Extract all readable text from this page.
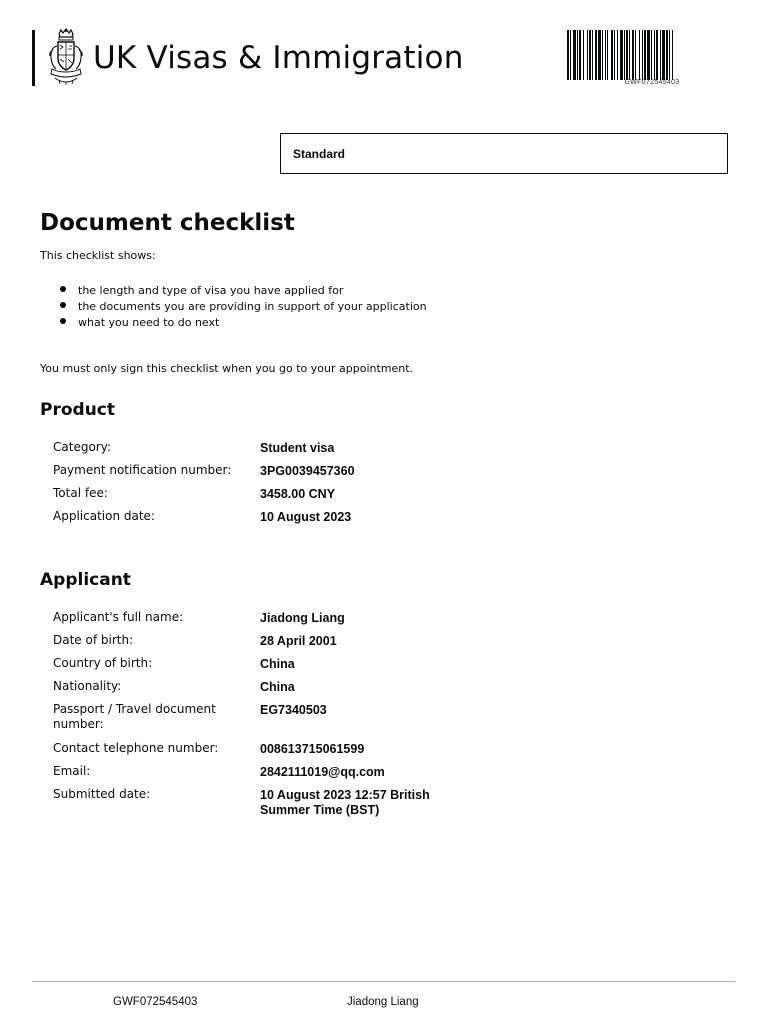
UK Visas & Immigration
GWF072545403
Standard
Document checklist
This checklist shows:
the length and type of visa you have applied for
the documents you are providing in support of your application
what you need to do next
You must only sign this checklist when you go to your appointment.
Product
Category:	Student visa
Payment notification number:	3PG0039457360
Total fee:	3458.00 CNY
Application date:	10 August 2023
Applicant
Applicant's full name:	Jiadong Liang
Date of birth:	28 April 2001
Country of birth:	China
Nationality:	China
Passport / Travel document number:
EG7340503
Contact telephone number:	008613715061599
Email:	2842111019@qq.com
Submitted date:	10 August 2023 12:57 British Summer Time (BST)
GWF072545403	Jiadong Liang
